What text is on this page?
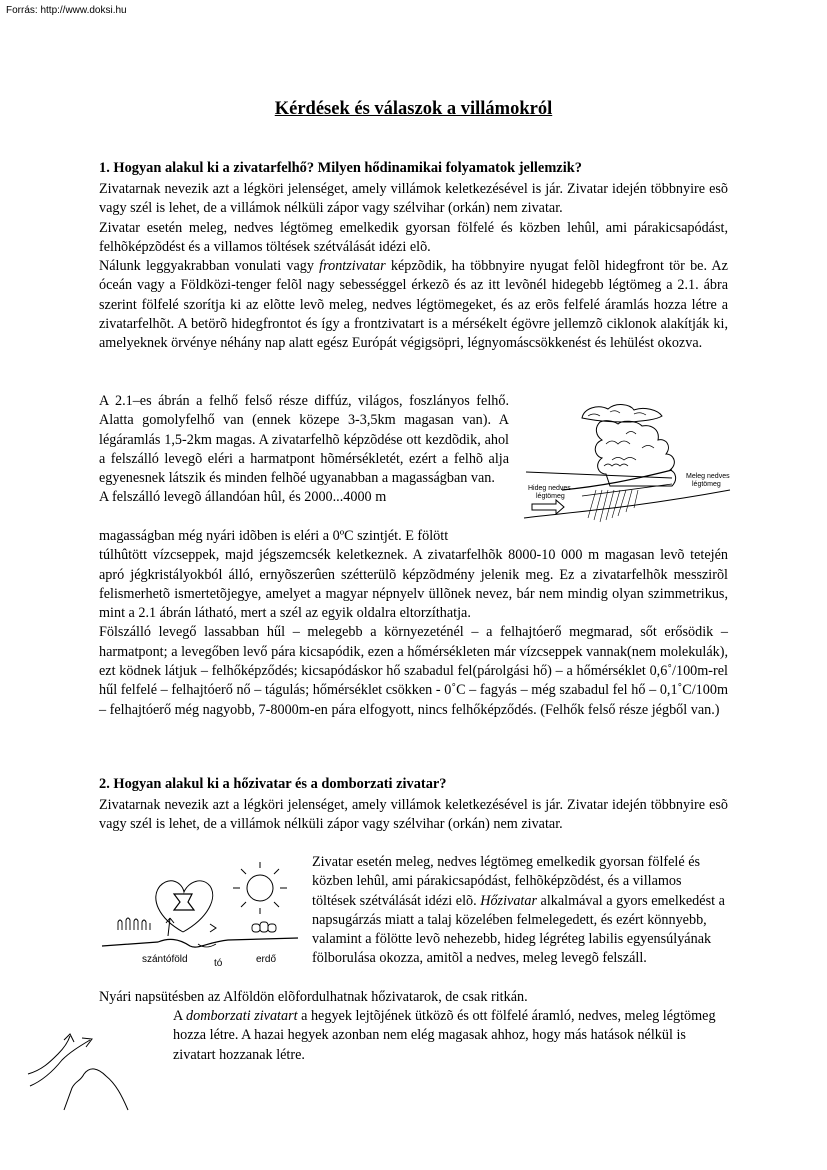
Forrás: http://www.doksi.hu
Kérdések és válaszok a villámokról
1. Hogyan alakul ki a zivatarfelhő? Milyen hődinamikai folyamatok jellemzik?

Zivatarnak nevezik azt a légköri jelenséget, amely villámok keletkezésével is jár. Zivatar idején többnyire esõ vagy szél is lehet, de a villámok nélküli zápor vagy szélvihar (orkán) nem zivatar.

Zivatar esetén meleg, nedves légtömeg emelkedik gyorsan fölfelé és közben lehûl, ami párakicsapódást, felhõképzõdést és a villamos töltések szétválását idézi elõ.

Nálunk leggyakrabban vonulati vagy frontzivatar képzõdik, ha többnyire nyugat felõl hidegfront tör be. Az óceán vagy a Földközi-tenger felõl nagy sebességgel érkezõ és az itt levõnél hidegebb légtömeg a 2.1. ábra szerint fölfelé szorítja ki az elõtte levõ meleg, nedves légtömegeket, és az erõs felfelé áramlás hozza létre a zivatarfelhõt. A betörõ hidegfrontot és így a frontzivatart is a mérsékelt égövre jellemzõ ciklonok alakítják ki, amelyeknek örvénye néhány nap alatt egész Európát végigsöpri, légnyomáscsökkenést és lehülést okozva.

A 2.1–es ábrán a felhő felső része diffúz, világos, foszlányos felhő. Alatta gomolyfelhő van (ennek közepe 3-3,5km magasan van). A légáramlás 1,5-2km magas. A zivatarfelhõ képzõdése ott kezdõdik, ahol a felszálló levegõ eléri a harmatpont hõmérsékletét, ezért a felhõ alja egyenesnek látszik és minden felhõé ugyanabban a magasságban van.

A felszálló levegõ állandóan hûl, és 2000...4000 m

magasságban még nyári idõben is eléri a 0ºC szintjét. E fölött

túlhûtött vízcseppek, majd jégszemcsék keletkeznek. A zivatarfelhõk 8000-10 000 m magasan levõ tetején apró jégkristályokból álló, ernyõszerûen szétterülõ képzõdmény jelenik meg. Ez a zivatarfelhõk messzirõl felismerhetõ ismertetõjegye, amelyet a magyar népnyelv üllõnek nevez, bár nem mindig olyan szimmetrikus, mint a 2.1 ábrán látható, mert a szél az egyik oldalra eltorzíthatja.

Fölszálló levegő lassabban hűl – melegebb a környezeténél – a felhajtóerő megmarad, sőt erősödik – harmatpont; a levegőben levő pára kicsapódik, ezen a hőmérsékleten már vízcseppek vannak(nem molekulák), ezt ködnek látjuk – felhőképződés; kicsapódáskor hő szabadul fel(párolgási hő) – a hőmérséklet 0,6˚/100m-rel hűl felfelé – felhajtóerő nő – tágulás; hőmérséklet csökken - 0˚C – fagyás – még szabadul fel hő – 0,1˚C/100m – felhajtóerő még nagyobb, 7-8000m-en pára elfogyott, nincs felhőképződés. (Felhők felső része jégből van.)

Hideg nedves
légtömeg
Meleg nedves
légtömeg
2. Hogyan alakul ki a hőzivatar és a domborzati zivatar?

Zivatarnak nevezik azt a légköri jelenséget, amely villámok keletkezésével is jár. Zivatar idején többnyire esõ vagy szél is lehet, de a villámok nélküli zápor vagy szélvihar (orkán) nem zivatar.

Zivatar esetén meleg, nedves légtömeg emelkedik gyorsan fölfelé és közben lehûl, ami párakicsapódást, felhõképzõdést, és a villamos töltések szétválását idézi elõ. Hőzivatar alkalmával a gyors emelkedést a napsugárzás miatt a talaj közelében felmelegedett, és ezért könnyebb, valamint a fölötte levõ nehezebb, hideg légréteg labilis egyensúlyának fölborulása okozza, amitõl a nedves, meleg levegõ felszáll.

Nyári napsütésben az Alföldön elõfordulhatnak hőzivatarok, de csak ritkán.

A domborzati zivatart a hegyek lejtõjének ütközõ és ott fölfelé áramló, nedves, meleg légtömeg hozza létre. A hazai hegyek azonban nem elég magasak ahhoz, hogy más hatások nélkül is zivatart hozzanak létre.

szántóföld	tó	erdő
